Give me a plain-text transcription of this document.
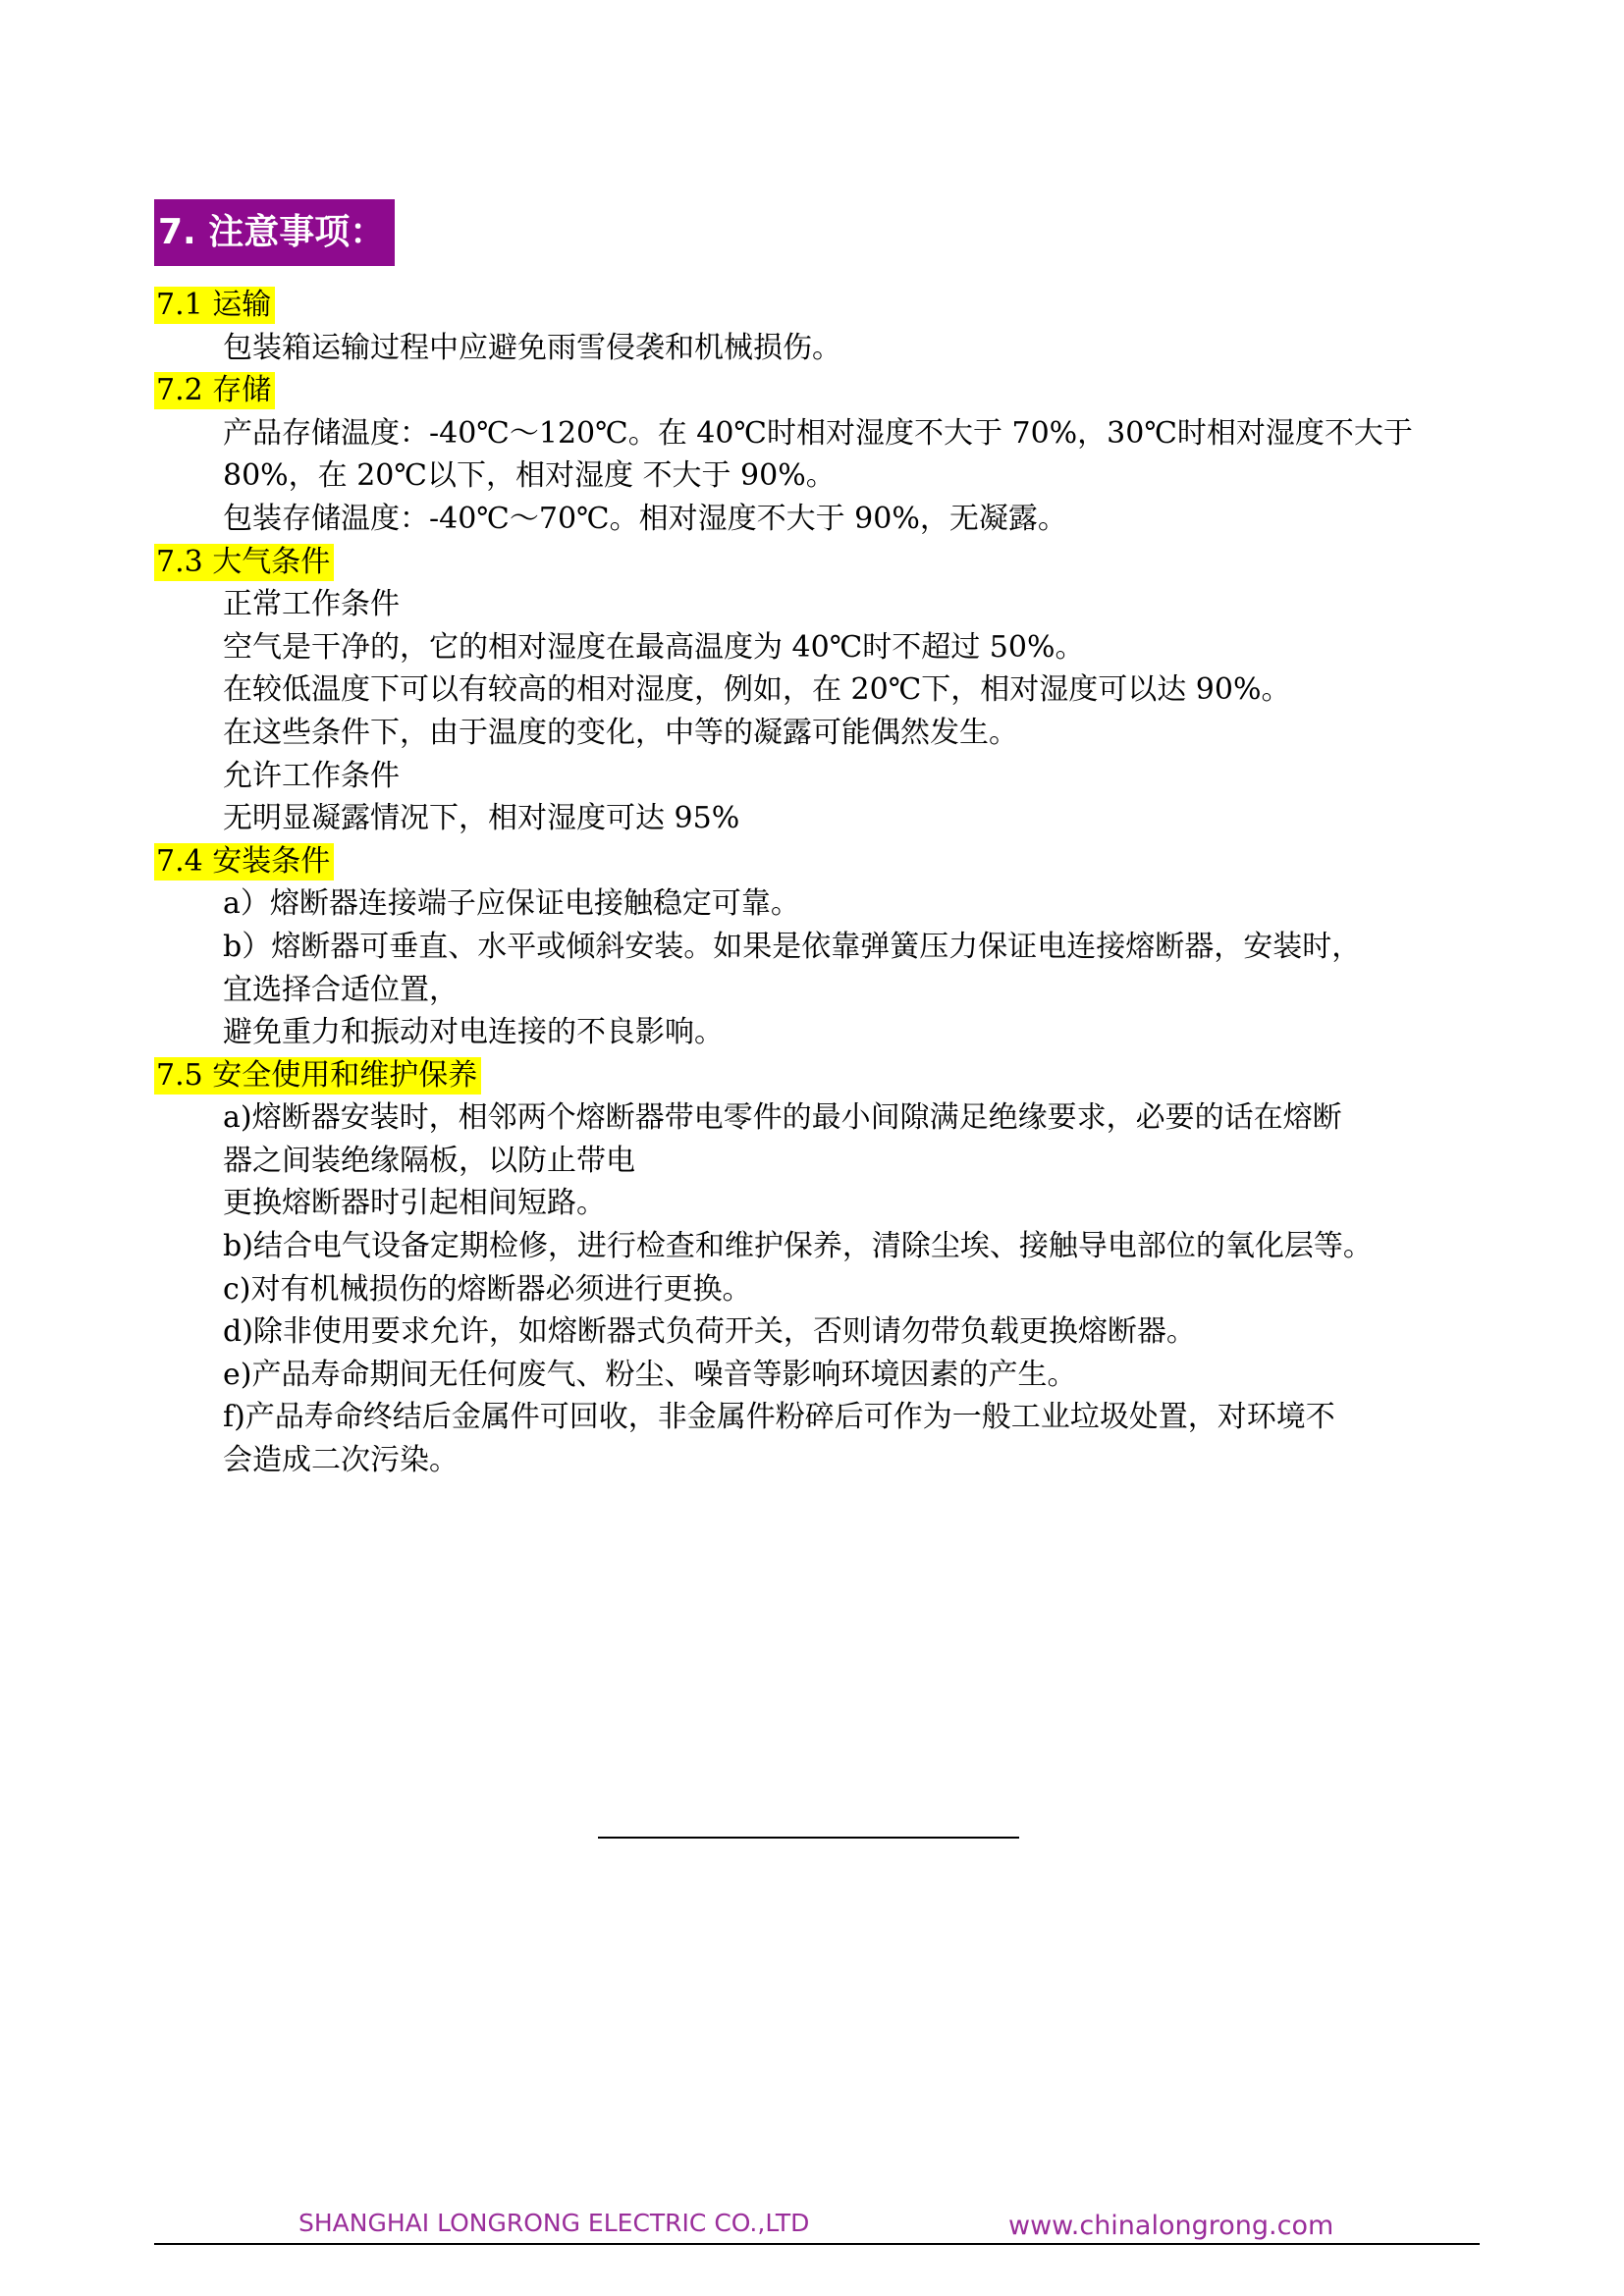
7. 注意事项：
7.1 运输
包装箱运输过程中应避免雨雪侵袭和机械损伤。
7.2 存储
产品存储温度：-40℃～120℃。在 40℃时相对湿度不大于 70%，30℃时相对湿度不大于
80%，在 20℃以下，相对湿度 不大于 90%。
包装存储温度：-40℃～70℃。相对湿度不大于 90%，无凝露。
7.3 大气条件
正常工作条件
空气是干净的，它的相对湿度在最高温度为 40℃时不超过 50%。
在较低温度下可以有较高的相对湿度，例如，在 20℃下，相对湿度可以达 90%。
在这些条件下，由于温度的变化，中等的凝露可能偶然发生。
允许工作条件
无明显凝露情况下，相对湿度可达 95%
7.4 安装条件
a）熔断器连接端子应保证电接触稳定可靠。
b）熔断器可垂直、水平或倾斜安装。如果是依靠弹簧压力保证电连接熔断器，安装时，
宜选择合适位置，
避免重力和振动对电连接的不良影响。
7.5 安全使用和维护保养
a)熔断器安装时，相邻两个熔断器带电零件的最小间隙满足绝缘要求，必要的话在熔断
器之间装绝缘隔板，以防止带电
更换熔断器时引起相间短路。
b)结合电气设备定期检修，进行检查和维护保养，清除尘埃、接触导电部位的氧化层等。
c)对有机械损伤的熔断器必须进行更换。
d)除非使用要求允许，如熔断器式负荷开关，否则请勿带负载更换熔断器。
e)产品寿命期间无任何废气、粉尘、噪音等影响环境因素的产生。
f)产品寿命终结后金属件可回收，非金属件粉碎后可作为一般工业垃圾处置，对环境不
会造成二次污染。
SHANGHAI LONGRONG ELECTRIC CO.,LTD	www.chinalongrong.com
